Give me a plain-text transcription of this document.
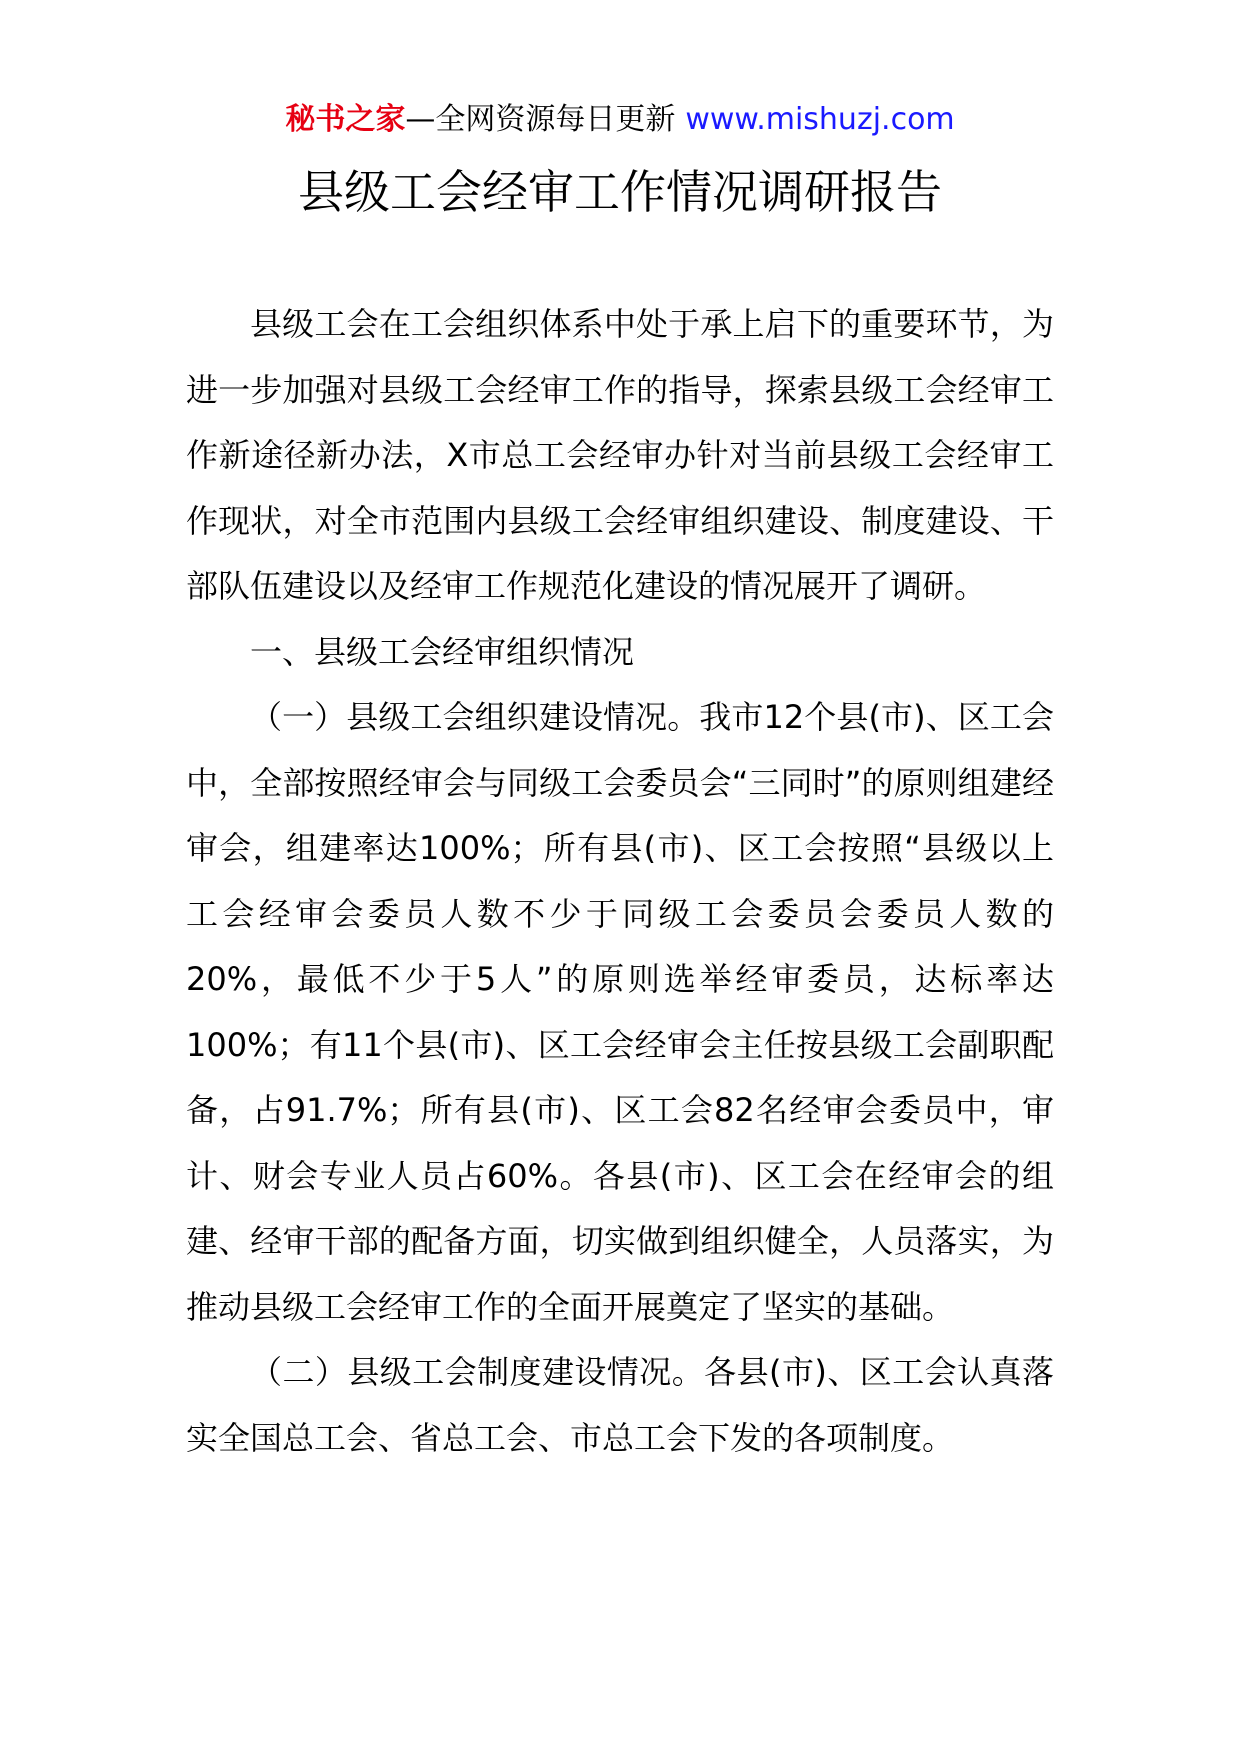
秘书之家—全网资源每日更新 www.mishuzj.com
县级工会经审工作情况调研报告

县级工会在工会组织体系中处于承上启下的重要环节，为进一步加强对县级工会经审工作的指导，探索县级工会经审工作新途径新办法，X市总工会经审办针对当前县级工会经审工作现状，对全市范围内县级工会经审组织建设、制度建设、干部队伍建设以及经审工作规范化建设的情况展开了调研。

一、县级工会经审组织情况

（一）县级工会组织建设情况。我市12个县(市)、区工会中，全部按照经审会与同级工会委员会“三同时”的原则组建经审会，组建率达100%；所有县(市)、区工会按照“县级以上工会经审会委员人数不少于同级工会委员会委员人数的20%，最低不少于5人”的原则选举经审委员，达标率达100%；有11个县(市)、区工会经审会主任按县级工会副职配备，占91.7%；所有县(市)、区工会82名经审会委员中，审计、财会专业人员占60%。各县(市)、区工会在经审会的组建、经审干部的配备方面，切实做到组织健全，人员落实，为推动县级工会经审工作的全面开展奠定了坚实的基础。

（二）县级工会制度建设情况。各县(市)、区工会认真落实全国总工会、省总工会、市总工会下发的各项制度。
